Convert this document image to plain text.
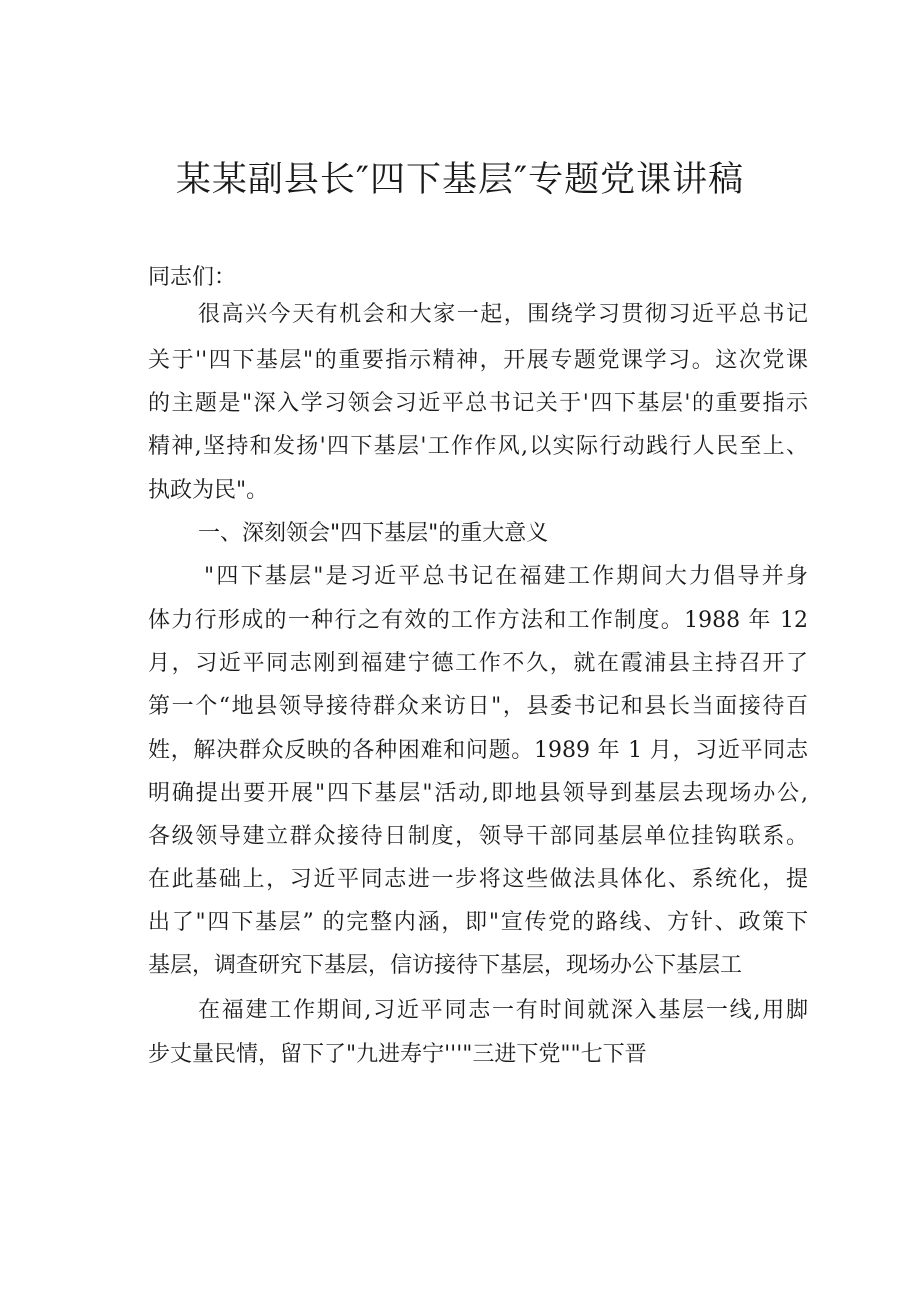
某某副县长″四下基层″专题党课讲稿

同志们：

很高兴今天有机会和大家一起，围绕学习贯彻习近平总书记

关于''四下基层"的重要指示精神，开展专题党课学习。这次党课

的主题是"深入学习领会习近平总书记关于'四下基层'的重要指示

精神,坚持和发扬'四下基层'工作作风,以实际行动践行人民至上、

执政为民"。

一、深刻领会"四下基层"的重大意义

"四下基层"是习近平总书记在福建工作期间大力倡导并身

体力行形成的一种行之有效的工作方法和工作制度。1988 年 12

月，习近平同志刚到福建宁德工作不久，就在霞浦县主持召开了

第一个“地县领导接待群众来访日"，县委书记和县长当面接待百

姓，解决群众反映的各种困难和问题。1989 年 1 月，习近平同志

明确提出要开展"四下基层"活动,即地县领导到基层去现场办公,

各级领导建立群众接待日制度，领导干部同基层单位挂钩联系。

在此基础上，习近平同志进一步将这些做法具体化、系统化，提

出了"四下基层” 的完整内涵，即"宣传党的路线、方针、政策下

基层，调查研究下基层，信访接待下基层，现场办公下基层工

在福建工作期间,习近平同志一有时间就深入基层一线,用脚

步丈量民情，留下了"九进寿宁'''"三进下党""七下晋
